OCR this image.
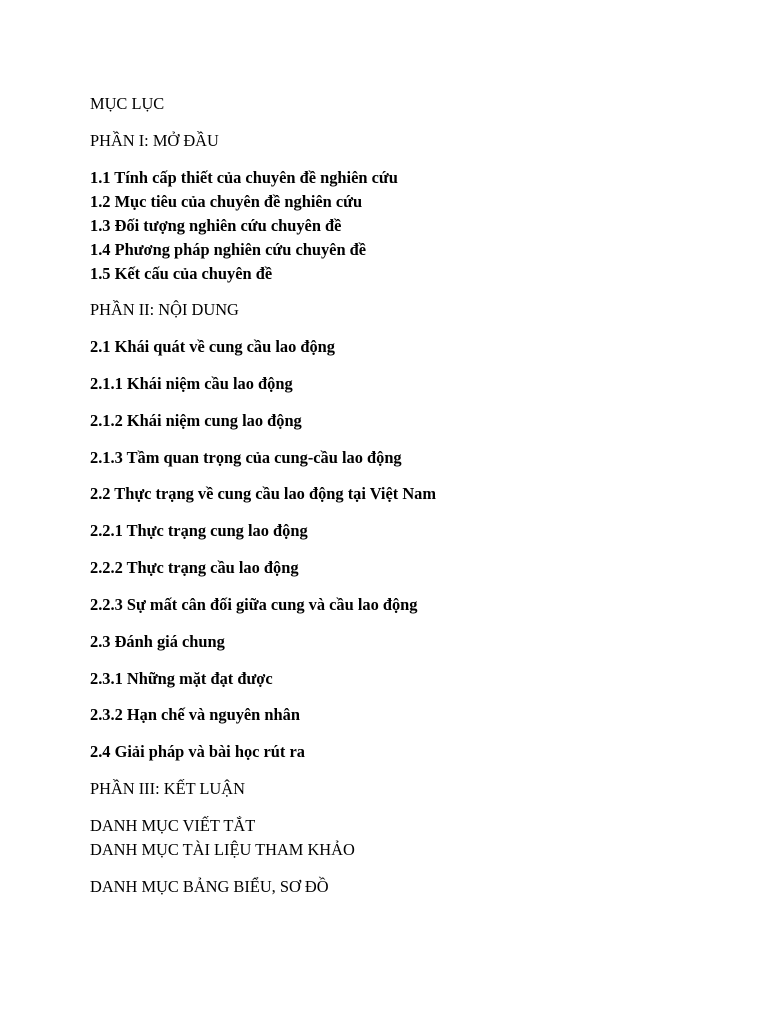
MỤC LỤC
PHẦN I: MỞ ĐẦU
1.1 Tính cấp thiết của chuyên đề nghiên cứu
1.2 Mục tiêu của chuyên đề nghiên cứu
1.3 Đối tượng nghiên cứu chuyên đề
1.4 Phương pháp nghiên cứu chuyên đề
1.5 Kết cấu của chuyên đề
PHẦN II: NỘI DUNG
2.1 Khái quát về cung cầu lao động
2.1.1 Khái niệm cầu lao động
2.1.2 Khái niệm cung lao động
2.1.3 Tầm quan trọng của cung-cầu lao động
2.2 Thực trạng về cung cầu lao động tại Việt Nam
2.2.1 Thực trạng cung lao động
2.2.2 Thực trạng cầu lao động
2.2.3 Sự mất cân đối giữa cung và cầu lao động
2.3 Đánh giá chung
2.3.1 Những mặt đạt được
2.3.2 Hạn chế và nguyên nhân
2.4 Giải pháp và bài học rút ra
PHẦN III: KẾT LUẬN
DANH MỤC VIẾT TẮT
DANH MỤC TÀI LIỆU THAM KHẢO
DANH MỤC BẢNG BIỂU, SƠ ĐỒ
